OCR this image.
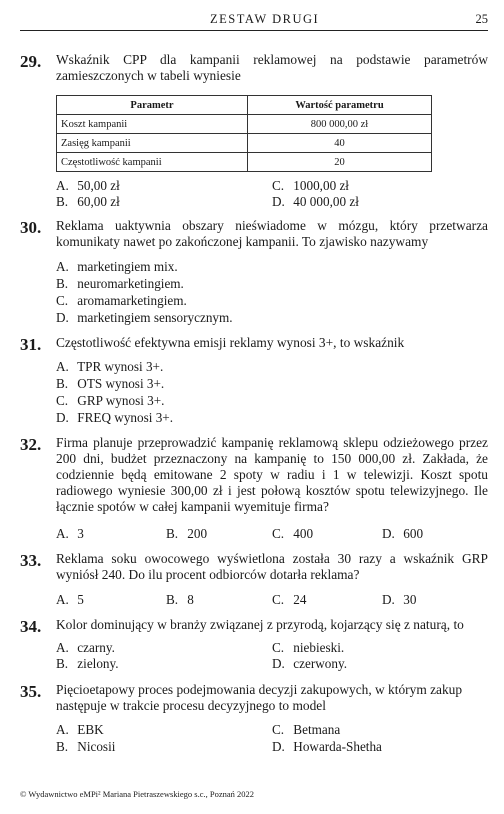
ZESTAW DRUGI	25
29. Wskaźnik CPP dla kampanii reklamowej na podstawie parametrów zamieszczonych w tabeli wyniesie
Parametr	Wartość parametru
Koszt kampanii	800 000,00 zł
Zasięg kampanii	40
Częstotliwość kampanii	20
A. 50,00 zł
B. 60,00 zł
C. 1000,00 zł
D. 40 000,00 zł
30. Reklama uaktywnia obszary nieświadome w mózgu, który przetwarza komunikaty nawet po zakończonej kampanii. To zjawisko nazywamy
A. marketingiem mix.
B. neuromarketingiem.
C. aromamarketingiem.
D. marketingiem sensorycznym.
31. Częstotliwość efektywna emisji reklamy wynosi 3+, to wskaźnik
A. TPR wynosi 3+.
B. OTS wynosi 3+.
C. GRP wynosi 3+.
D. FREQ wynosi 3+.
32. Firma planuje przeprowadzić kampanię reklamową sklepu odzieżowego przez 200 dni, budżet przeznaczony na kampanię to 150 000,00 zł. Zakłada, że codziennie będą emitowane 2 spoty w radiu i 1 w telewizji. Koszt spotu radiowego wyniesie 300,00 zł i jest połową kosztów spotu telewizyjnego. Ile łącznie spotów w całej kampanii wyemituje firma?
A. 3	B. 200	C. 400	D. 600
33. Reklama soku owocowego wyświetlona została 30 razy a wskaźnik GRP wyniósł 240. Do ilu procent odbiorców dotarła reklama?
A. 5	B. 8	C. 24	D. 30
34. Kolor dominujący w branży związanej z przyrodą, kojarzący się z naturą, to
A. czarny.
B. zielony.
C. niebieski.
D. czerwony.
35. Pięcioetapowy proces podejmowania decyzji zakupowych, w którym zakup następuje w trakcie procesu decyzyjnego to model
A. EBK
B. Nicosii
C. Betmana
D. Howarda-Shetha
© Wydawnictwo eMPi² Mariana Pietraszewskiego s.c., Poznań 2022
